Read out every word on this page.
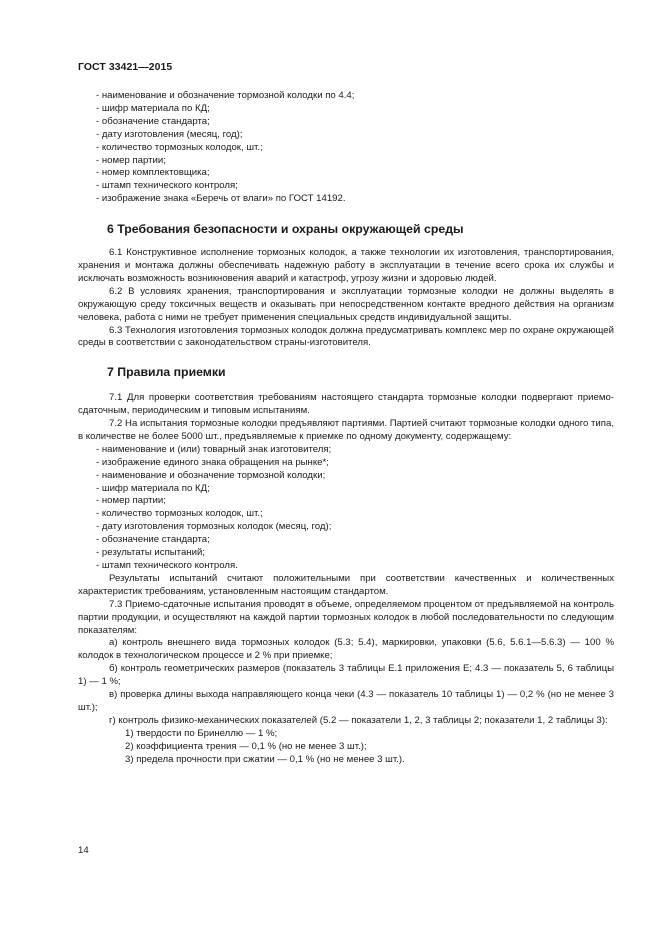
ГОСТ 33421—2015

- наименование и обозначение тормозной колодки по 4.4;

- шифр материала по КД;

- обозначение стандарта;

- дату изготовления (месяц, год);

- количество тормозных колодок, шт.;

- номер партии;

- номер комплектовщика;

- штамп технического контроля;

- изображение знака «Беречь от влаги» по ГОСТ 14192.

6 Требования безопасности и охраны окружающей среды

6.1 Конструктивное исполнение тормозных колодок, а также технологии их изготовления, транспортирования, хранения и монтажа должны обеспечивать надежную работу в эксплуатации в течение всего срока их службы и исключать возможность возникновения аварий и катастроф, угрозу жизни и здоровью людей.

6.2 В условиях хранения, транспортирования и эксплуатации тормозные колодки не должны выделять в окружающую среду токсичных веществ и оказывать при непосредственном контакте вредного действия на организм человека, работа с ними не требует применения специальных средств индивидуальной защиты.

6.3 Технология изготовления тормозных колодок должна предусматривать комплекс мер по охране окружающей среды в соответствии с законодательством страны-изготовителя.

7 Правила приемки

7.1 Для проверки соответствия требованиям настоящего стандарта тормозные колодки подвергают приемо-сдаточным, периодическим и типовым испытаниям.

7.2 На испытания тормозные колодки предъявляют партиями. Партией считают тормозные колодки одного типа, в количестве не более 5000 шт., предъявляемые к приемке по одному документу, содержащему:

- наименование и (или) товарный знак изготовителя;

- изображение единого знака обращения на рынке*;

- наименование и обозначение тормозной колодки;

- шифр материала по КД;

- номер партии;

- количество тормозных колодок, шт.;

- дату изготовления тормозных колодок (месяц, год);

- обозначение стандарта;

- результаты испытаний;

- штамп технического контроля.

Результаты испытаний считают положительными при соответствии качественных и количественных характеристик требованиям, установленным настоящим стандартом.

7.3 Приемо-сдаточные испытания проводят в объеме, определяемом процентом от предъявляемой на контроль партии продукции, и осуществляют на каждой партии тормозных колодок в любой последовательности по следующим показателям:

а) контроль внешнего вида тормозных колодок (5.3; 5.4), маркировки, упаковки (5.6, 5.6.1—5.6.3) — 100 % колодок в технологическом процессе и 2 % при приемке;

б) контроль геометрических размеров (показатель 3 таблицы Е.1 приложения Е; 4.3 — показатель 5, 6 таблицы 1) — 1 %;

в) проверка длины выхода направляющего конца чеки (4.3 — показатель 10 таблицы 1) — 0,2 % (но не менее 3 шт.);

г) контроль физико-механических показателей (5.2 — показатели 1, 2, 3 таблицы 2; показатели 1, 2 таблицы 3):

1) твердости по Бринеллю — 1 %;

2) коэффициента трения — 0,1 % (но не менее 3 шт.);

3) предела прочности при сжатии — 0,1 % (но не менее 3 шт.).

14
